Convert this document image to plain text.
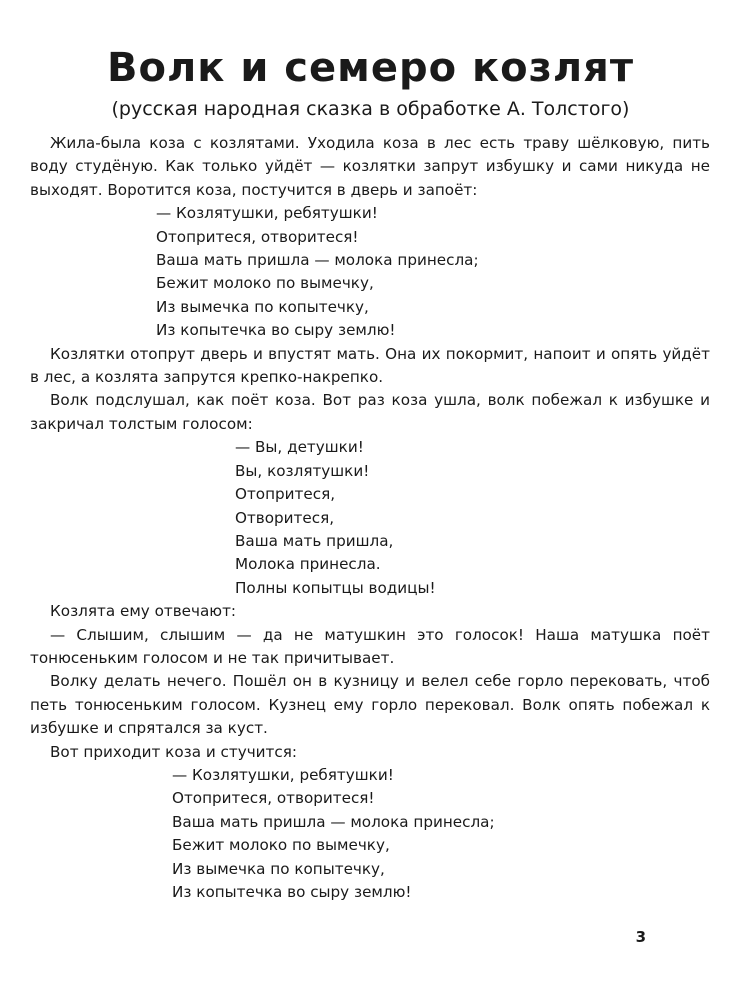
Волк и семеро козлят

(русская народная сказка в обработке А. Толстого)

Жила-была коза с козлятами. Уходила коза в лес есть траву шёлковую, пить воду студёную. Как только уйдёт — козлятки запрут избушку и сами никуда не выходят. Воротится коза, постучится в дверь и запоёт:

— Козлятушки, ребятушки!
Отопритеся, отворитеся!
Ваша мать пришла — молока принесла;
Бежит молоко по вымечку,
Из вымечка по копытечку,
Из копытечка во сыру землю!

Козлятки отопрут дверь и впустят мать. Она их покормит, напоит и опять уйдёт в лес, а козлята запрутся крепко-накрепко.

Волк подслушал, как поёт коза. Вот раз коза ушла, волк побежал к избушке и закричал толстым голосом:

— Вы, детушки!
Вы, козлятушки!
Отопритеся,
Отворитеся,
Ваша мать пришла,
Молока принесла.
Полны копытцы водицы!

Козлята ему отвечают:

— Слышим, слышим — да не матушкин это голосок! Наша матушка поёт тонюсеньким голосом и не так причитывает.

Волку делать нечего. Пошёл он в кузницу и велел себе горло перековать, чтоб петь тонюсеньким голосом. Кузнец ему горло перековал. Волк опять побежал к избушке и спрятался за куст.

Вот приходит коза и стучится:

— Козлятушки, ребятушки!
Отопритеся, отворитеся!
Ваша мать пришла — молока принесла;
Бежит молоко по вымечку,
Из вымечка по копытечку,
Из копытечка во сыру землю!
3
